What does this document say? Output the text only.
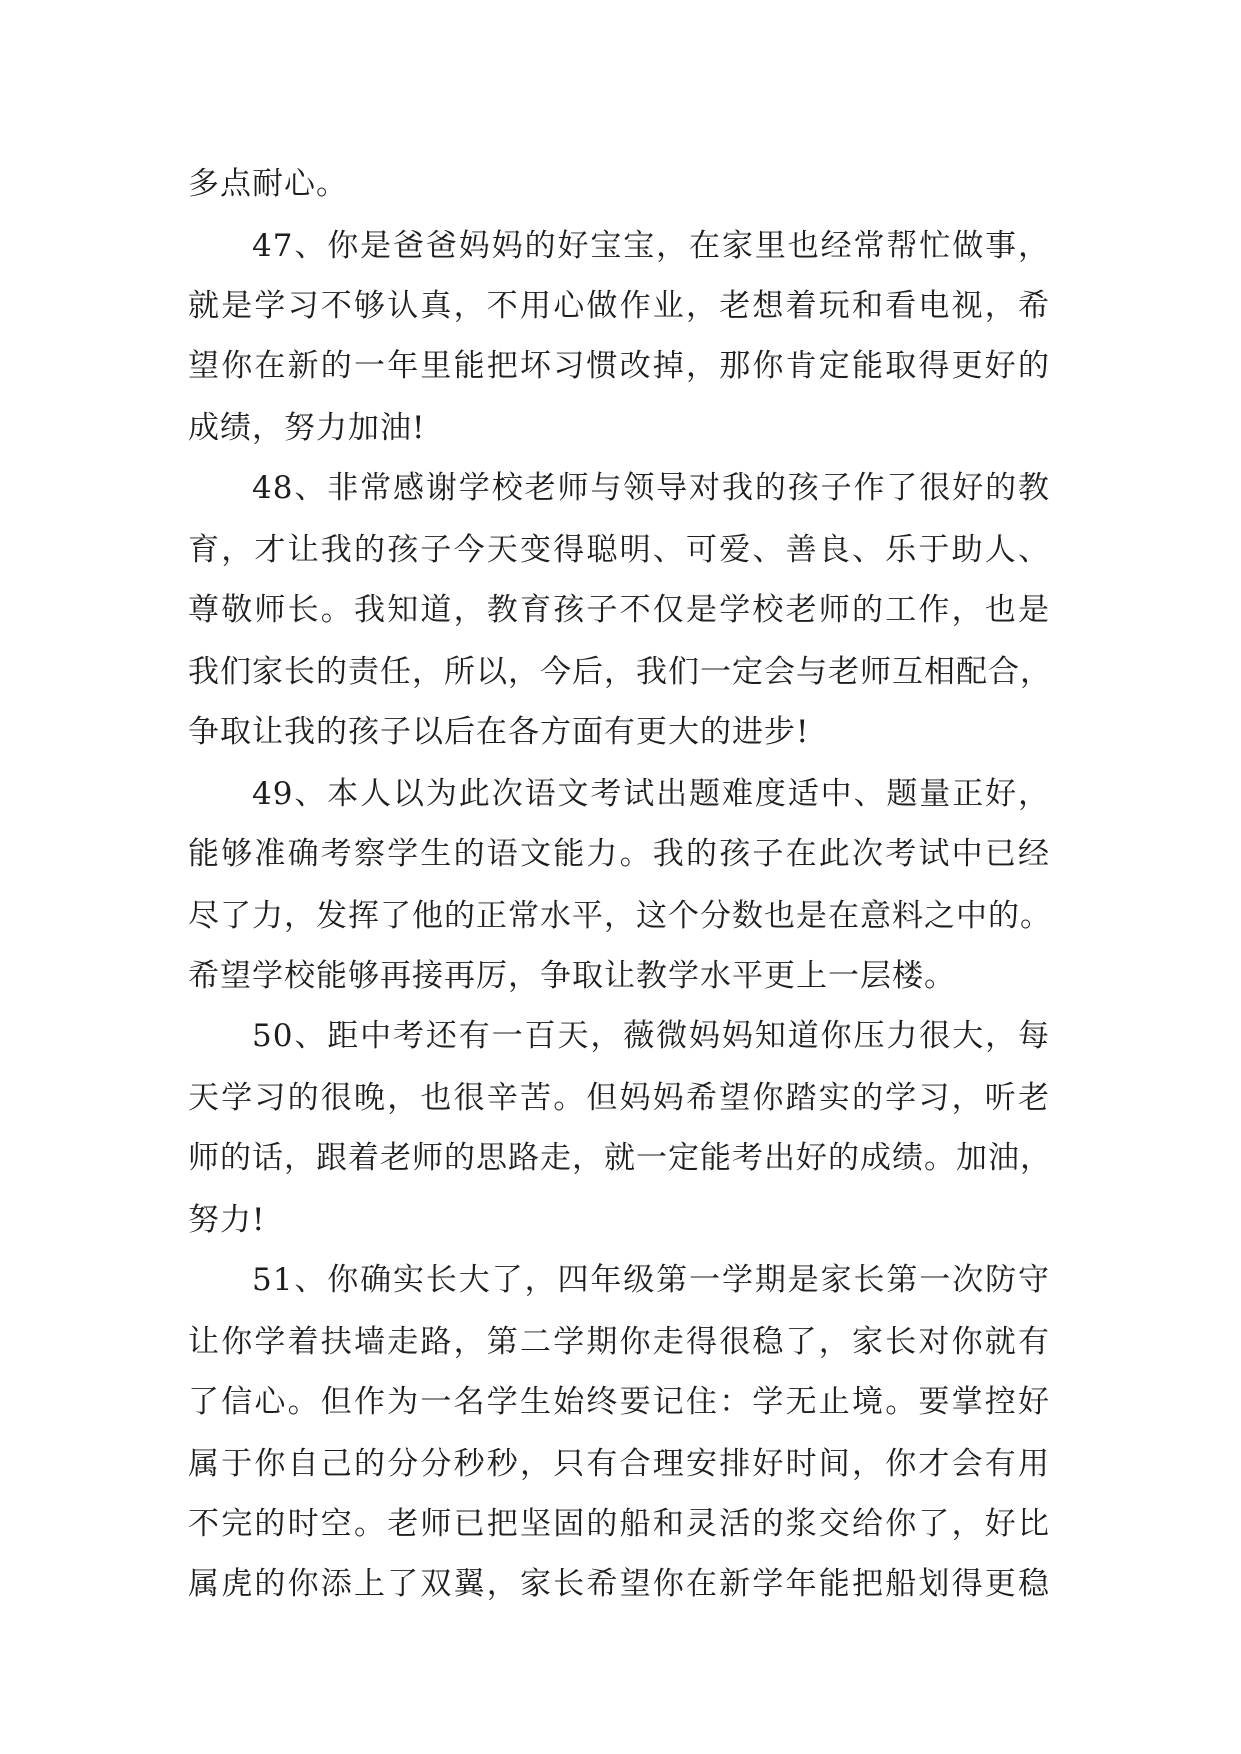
多点耐心。
47、你是爸爸妈妈的好宝宝，在家里也经常帮忙做事，
就是学习不够认真，不用心做作业，老想着玩和看电视，希
望你在新的一年里能把坏习惯改掉，那你肯定能取得更好的
成绩，努力加油!
48、非常感谢学校老师与领导对我的孩子作了很好的教
育，才让我的孩子今天变得聪明、可爱、善良、乐于助人、
尊敬师长。我知道，教育孩子不仅是学校老师的工作，也是
我们家长的责任，所以，今后，我们一定会与老师互相配合，
争取让我的孩子以后在各方面有更大的进步!
49、本人以为此次语文考试出题难度适中、题量正好，
能够准确考察学生的语文能力。我的孩子在此次考试中已经
尽了力，发挥了他的正常水平，这个分数也是在意料之中的。
希望学校能够再接再厉，争取让教学水平更上一层楼。
50、距中考还有一百天，薇微妈妈知道你压力很大，每
天学习的很晚，也很辛苦。但妈妈希望你踏实的学习，听老
师的话，跟着老师的思路走，就一定能考出好的成绩。加油，
努力!
51、你确实长大了，四年级第一学期是家长第一次防守
让你学着扶墙走路，第二学期你走得很稳了，家长对你就有
了信心。但作为一名学生始终要记住：学无止境。要掌控好
属于你自己的分分秒秒，只有合理安排好时间，你才会有用
不完的时空。老师已把坚固的船和灵活的浆交给你了，好比
属虎的你添上了双翼，家长希望你在新学年能把船划得更稳
